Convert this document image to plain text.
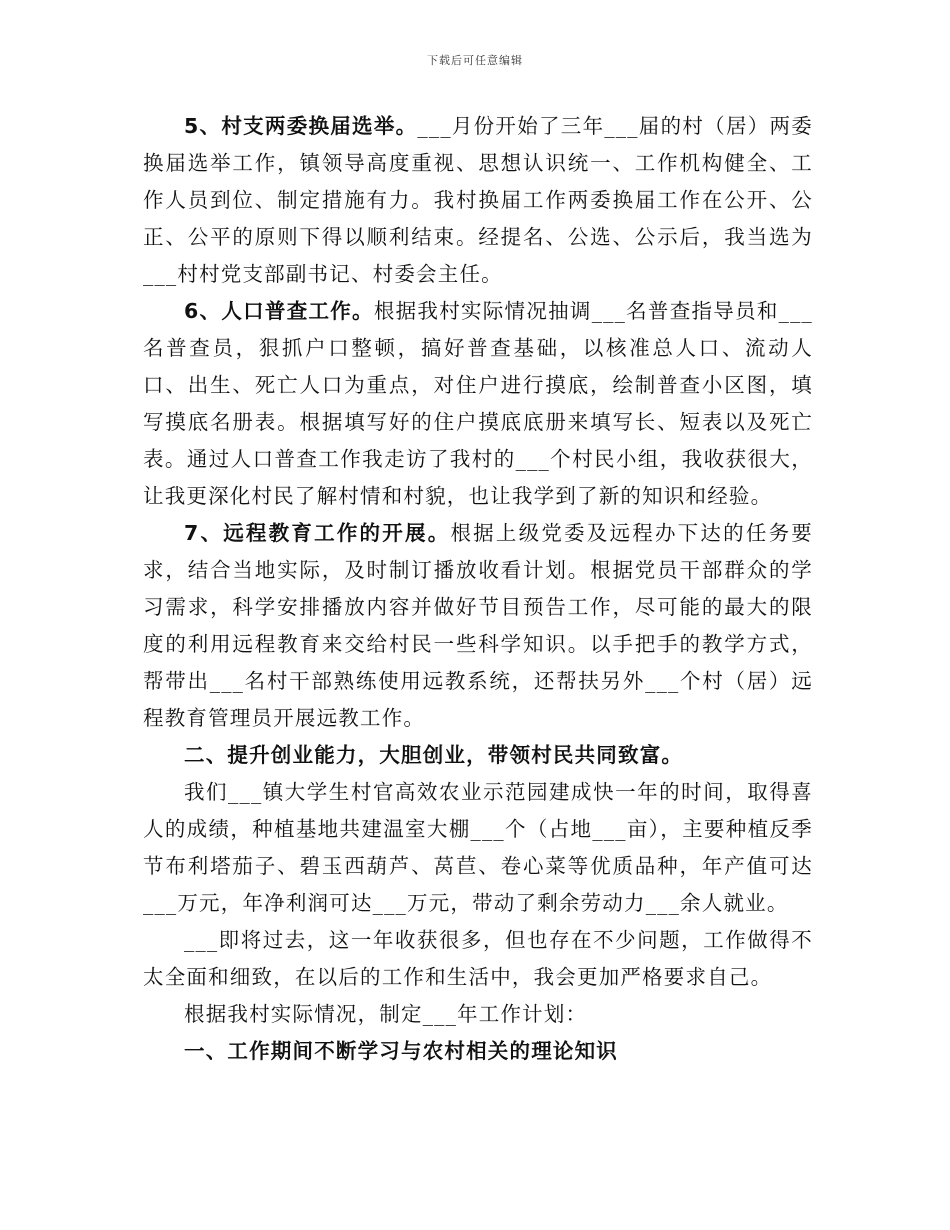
下载后可任意编辑

5、村支两委换届选举。___月份开始了三年___届的村（居）两委换届选举工作，镇领导高度重视、思想认识统一、工作机构健全、工作人员到位、制定措施有力。我村换届工作两委换届工作在公开、公正、公平的原则下得以顺利结束。经提名、公选、公示后，我当选为___村村党支部副书记、村委会主任。

6、人口普查工作。根据我村实际情况抽调___名普查指导员和___名普查员，狠抓户口整顿，搞好普查基础，以核准总人口、流动人口、出生、死亡人口为重点，对住户进行摸底，绘制普查小区图，填写摸底名册表。根据填写好的住户摸底底册来填写长、短表以及死亡表。通过人口普查工作我走访了我村的___个村民小组，我收获很大，让我更深化村民了解村情和村貌，也让我学到了新的知识和经验。

7、远程教育工作的开展。根据上级党委及远程办下达的任务要求，结合当地实际，及时制订播放收看计划。根据党员干部群众的学习需求，科学安排播放内容并做好节目预告工作，尽可能的最大的限度的利用远程教育来交给村民一些科学知识。以手把手的教学方式，帮带出___名村干部熟练使用远教系统，还帮扶另外___个村（居）远程教育管理员开展远教工作。

二、提升创业能力，大胆创业，带领村民共同致富。

我们___镇大学生村官高效农业示范园建成快一年的时间，取得喜人的成绩，种植基地共建温室大棚___个（占地___亩），主要种植反季节布利塔茄子、碧玉西葫芦、莴苣、卷心菜等优质品种，年产值可达___万元，年净利润可达___万元，带动了剩余劳动力___余人就业。

___即将过去，这一年收获很多，但也存在不少问题，工作做得不太全面和细致，在以后的工作和生活中，我会更加严格要求自己。

根据我村实际情况，制定___年工作计划：

一、工作期间不断学习与农村相关的理论知识
